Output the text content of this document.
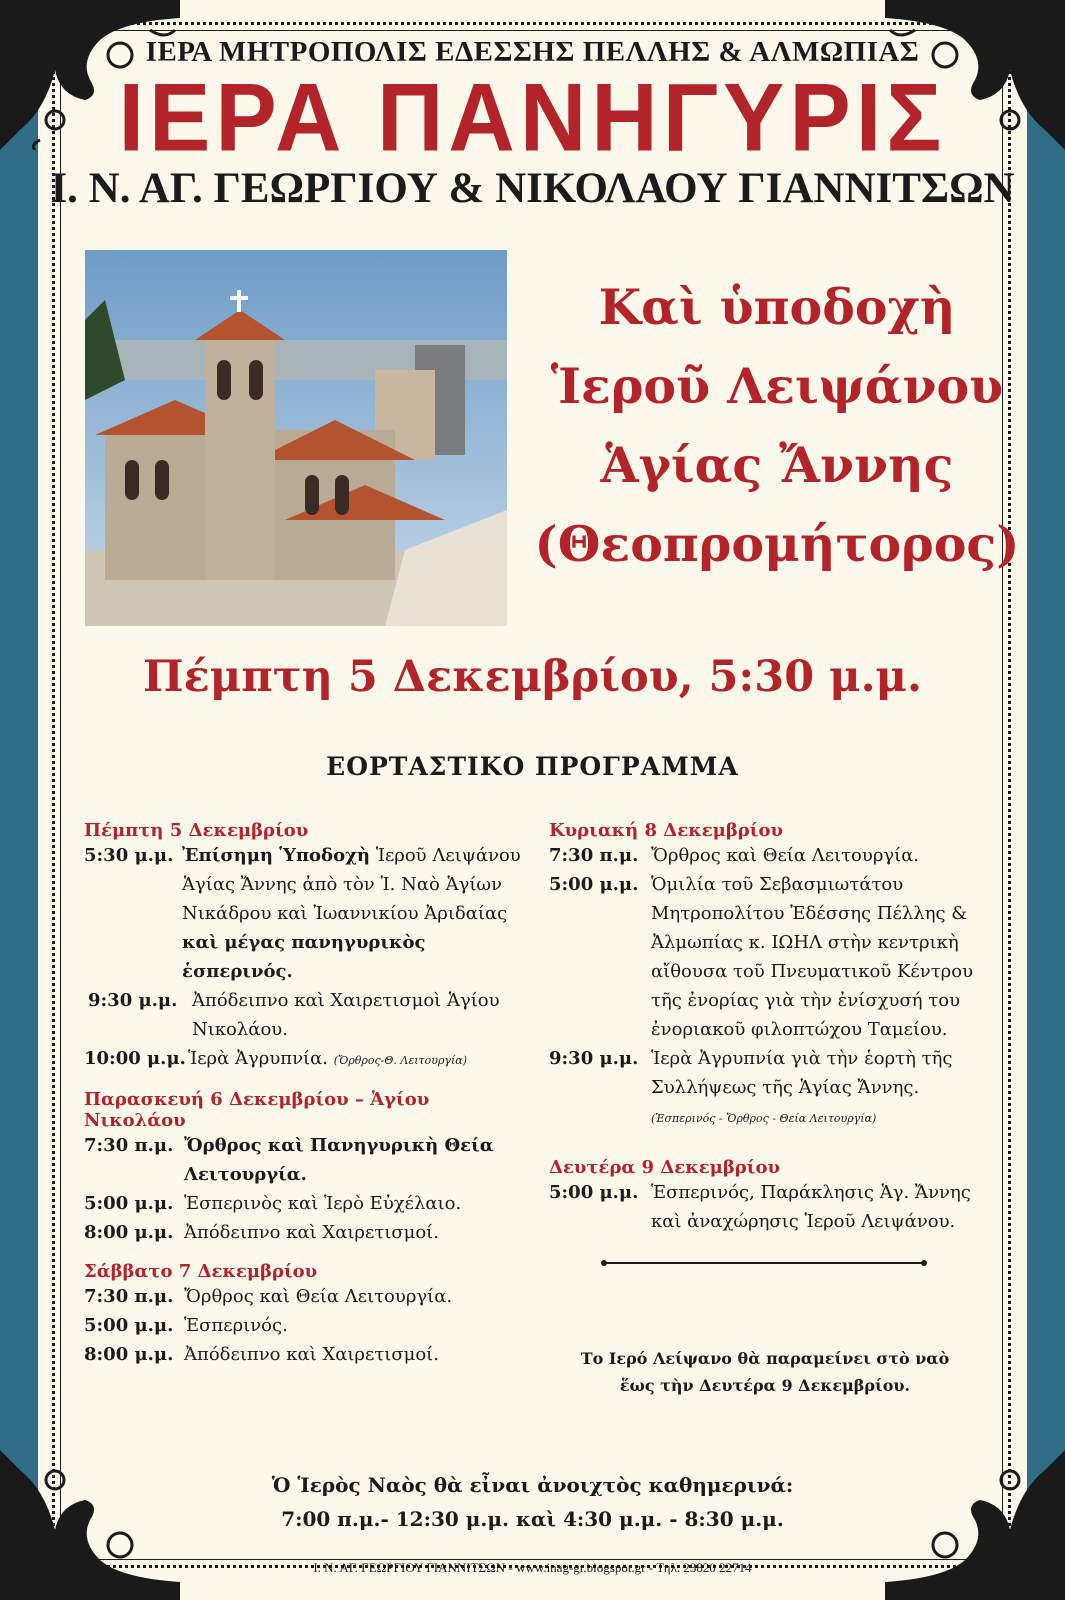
ΙΕΡΑ ΜΗΤΡΟΠΟΛΙΣ ΕΔΕΣΣΗΣ ΠΕΛΛΗΣ & ΑΛΜΩΠΙΑΣ
ΙΕΡΑ ΠΑΝΗΓΥΡΙΣ
Ι. Ν. ΑΓ. ΓΕΩΡΓΙΟΥ & ΝΙΚΟΛΑΟΥ ΓΙΑΝΝΙΤΣΩΝ
Καὶ ὑποδοχὴ
Ἱεροῦ Λειψάνου
Ἁγίας Ἄννης
(Θεοπρομήτορος)
Πέμπτη 5 Δεκεμβρίου, 5:30 μ.μ.
ΕΟΡΤΑΣΤΙΚΟ ΠΡΟΓΡΑΜΜΑ
Πέμπτη 5 Δεκεμβρίου
5:30 μ.μ. Ἐπίσημη Ὑποδοχὴ Ἱεροῦ Λειψάνου Ἁγίας Ἄννης ἀπὸ τὸν Ἱ. Ναὸ Ἁγίων Νικάδρου καὶ Ἰωαννικίου Ἀριδαίας καὶ μέγας πανηγυρικὸς ἑσπερινός.
9:30 μ.μ. Ἀπόδειπνο καὶ Χαιρετισμοὶ Ἁγίου Νικολάου.
10:00 μ.μ. Ἱερὰ Ἀγρυπνία. (Ὄρθρος-Θ. Λειτουργία)
Παρασκευή 6 Δεκεμβρίου – Ἁγίου Νικολάου
7:30 π.μ. Ὄρθρος καὶ Πανηγυρικὴ Θεία Λειτουργία.
5:00 μ.μ. Ἑσπερινὸς καὶ Ἱερὸ Εὐχέλαιο.
8:00 μ.μ. Ἀπόδειπνο καὶ Χαιρετισμοί.
Σάββατο 7 Δεκεμβρίου
7:30 π.μ. Ὄρθρος καὶ Θεία Λειτουργία.
5:00 μ.μ. Ἑσπερινός.
8:00 μ.μ. Ἀπόδειπνο καὶ Χαιρετισμοί.
Κυριακή 8 Δεκεμβρίου
7:30 π.μ. Ὄρθρος καὶ Θεία Λειτουργία.
5:00 μ.μ. Ὁμιλία τοῦ Σεβασμιωτάτου Μητροπολίτου Ἐδέσσης Πέλλης & Ἀλμωπίας κ. ΙΩΗΛ στὴν κεντρικὴ αἴθουσα τοῦ Πνευματικοῦ Κέντρου τῆς ἐνορίας γιὰ τὴν ἐνίσχυσή του ἐνοριακοῦ φιλοπτώχου Ταμείου.
9:30 μ.μ. Ἱερὰ Ἀγρυπνία γιὰ τὴν ἑορτὴ τῆς Συλλήψεως τῆς Ἁγίας Ἄννης.
(Ἑσπερινός - Ὄρθρος - Θεία Λειτουργία)
Δευτέρα 9 Δεκεμβρίου
5:00 μ.μ. Ἑσπερινός, Παράκλησις Ἁγ. Ἄννης καὶ ἀναχώρησις Ἱεροῦ Λειψάνου.
Το Ιερό Λείψανο θὰ παραμείνει στὸ ναὸ
ἕως τὴν Δευτέρα 9 Δεκεμβρίου.
Ὁ Ἱερὸς Ναὸς θὰ εἶναι ἀνοιχτὸς καθημερινά:
7:00 π.μ.- 12:30 μ.μ. καὶ 4:30 μ.μ. - 8:30 μ.μ.
Ι. Ν. ΑΓ. ΓΕΩΡΓΙΟΥ ΓΙΑΝΝΙΤΣΩΝ - www.inag-gr.blogspot.gr - Τηλ. 23820 22714
